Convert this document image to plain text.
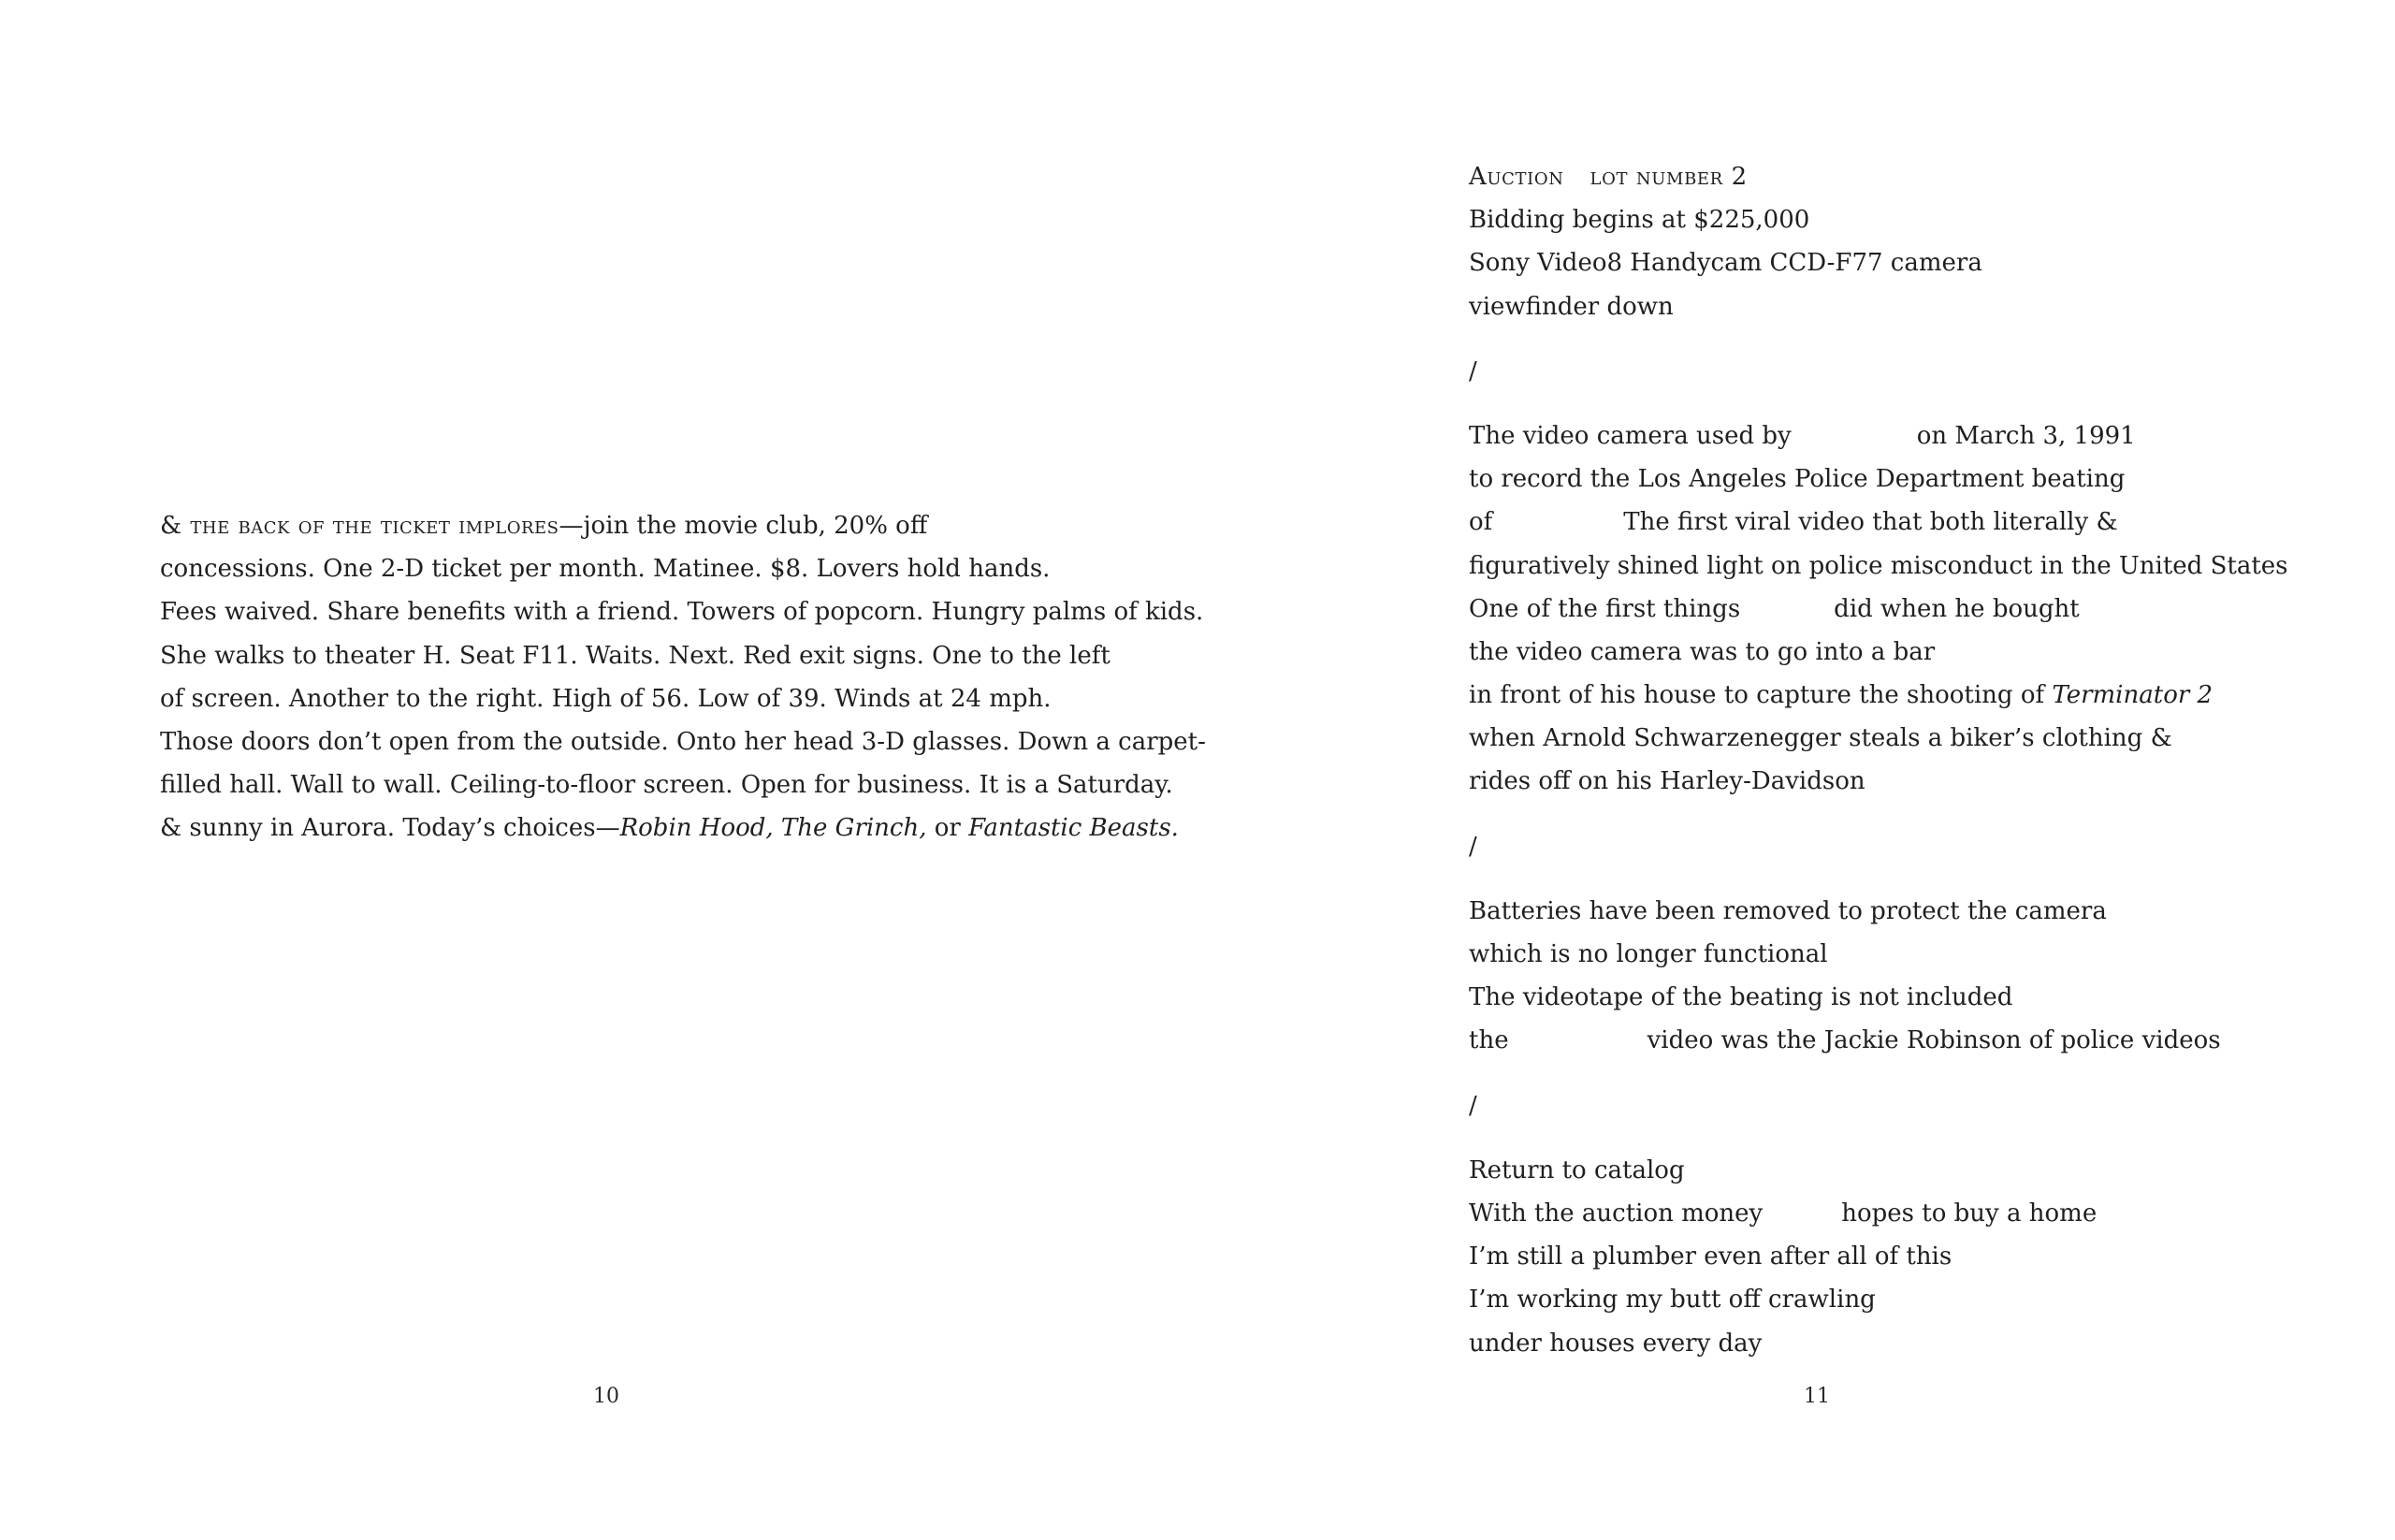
& the back of the ticket implores—join the movie club, 20% off
concessions. One 2-D ticket per month. Matinee. $8. Lovers hold hands.
Fees waived. Share benefits with a friend. Towers of popcorn. Hungry palms of kids.
She walks to theater H. Seat F11. Waits. Next. Red exit signs. One to the left
of screen. Another to the right. High of 56. Low of 39. Winds at 24 mph.
Those doors don’t open from the outside. Onto her head 3-D glasses. Down a carpet-
filled hall. Wall to wall. Ceiling-to-floor screen. Open for business. It is a Saturday.
& sunny in Aurora. Today’s choices—Robin Hood, The Grinch, or Fantastic Beasts.
10
Auction lot number 2
Bidding begins at $225,000
Sony Video8 Handycam CCD-F77 camera
viewfinder down
/
The video camera used by	on March 3, 1991
to record the Los Angeles Police Department beating
of	The first viral video that both literally &
figuratively shined light on police misconduct in the United States
One of the first things	did when he bought
the video camera was to go into a bar
in front of his house to capture the shooting of Terminator 2
when Arnold Schwarzenegger steals a biker’s clothing &
rides off on his Harley-Davidson
/
Batteries have been removed to protect the camera
which is no longer functional
The videotape of the beating is not included
the	video was the Jackie Robinson of police videos
/
Return to catalog
With the auction money	hopes to buy a home
I’m still a plumber even after all of this
I’m working my butt off crawling
under houses every day
11
